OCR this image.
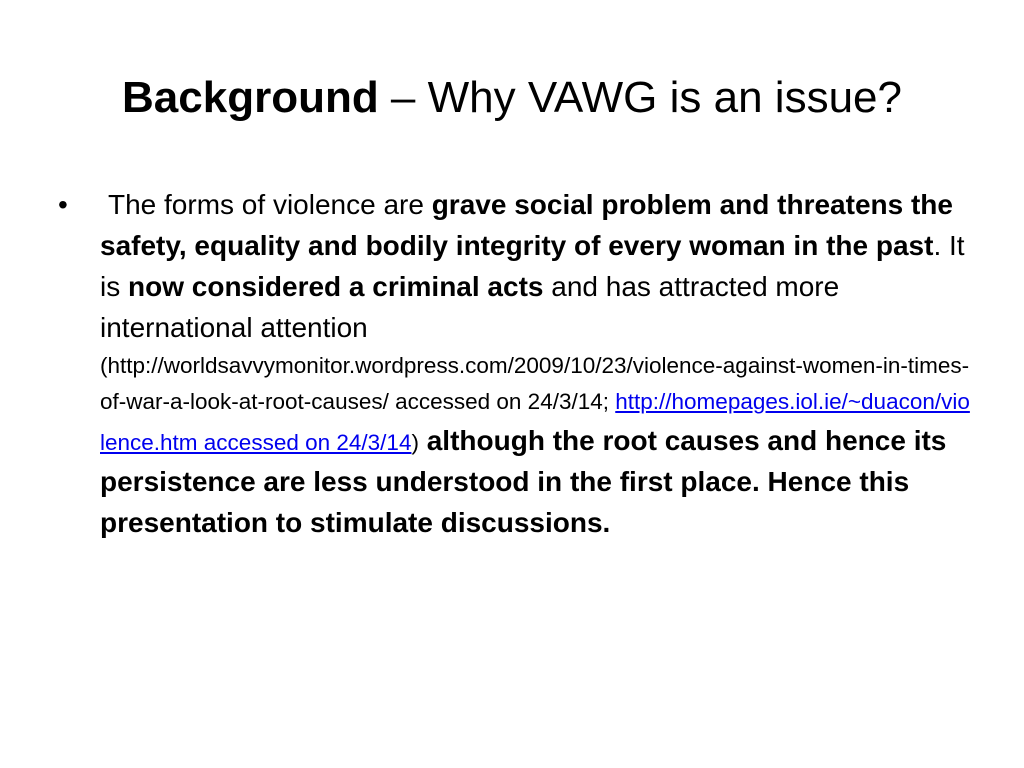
Background – Why VAWG is an issue?
• The forms of violence are grave social problem and threatens the safety, equality and bodily integrity of every woman in the past. It is now considered a criminal acts and has attracted more international attention
(http://worldsavvymonitor.wordpress.com/2009/10/23/violence-against-women-in-times-of-war-a-look-at-root-causes/ accessed on 24/3/14; http://homepages.iol.ie/~duacon/violence.htm accessed on 24/3/14) although the root causes and hence its persistence are less understood in the first place. Hence this presentation to stimulate discussions.
